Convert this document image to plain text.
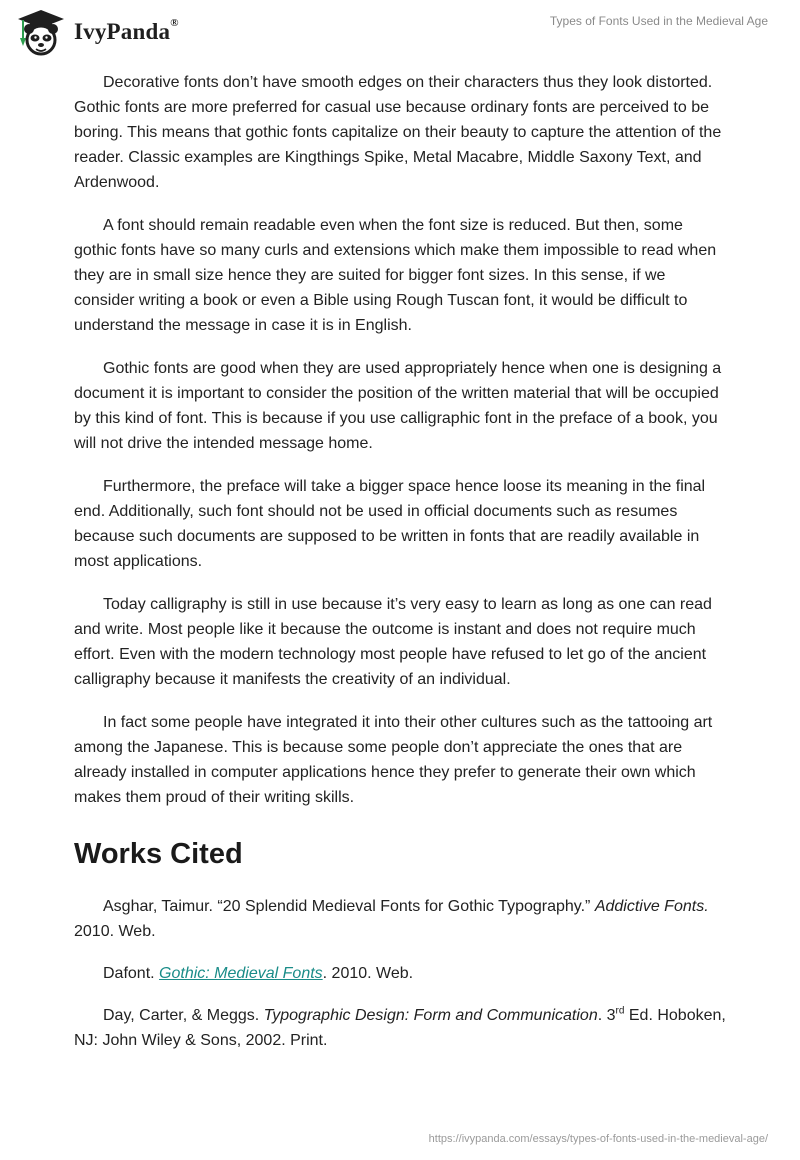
IvyPanda®	Types of Fonts Used in the Medieval Age

Decorative fonts don’t have smooth edges on their characters thus they look distorted. Gothic fonts are more preferred for casual use because ordinary fonts are perceived to be boring. This means that gothic fonts capitalize on their beauty to capture the attention of the reader. Classic examples are Kingthings Spike, Metal Macabre, Middle Saxony Text, and Ardenwood.

A font should remain readable even when the font size is reduced. But then, some gothic fonts have so many curls and extensions which make them impossible to read when they are in small size hence they are suited for bigger font sizes. In this sense, if we consider writing a book or even a Bible using Rough Tuscan font, it would be difficult to understand the message in case it is in English.

Gothic fonts are good when they are used appropriately hence when one is designing a document it is important to consider the position of the written material that will be occupied by this kind of font. This is because if you use calligraphic font in the preface of a book, you will not drive the intended message home.

Furthermore, the preface will take a bigger space hence loose its meaning in the final end. Additionally, such font should not be used in official documents such as resumes because such documents are supposed to be written in fonts that are readily available in most applications.

Today calligraphy is still in use because it’s very easy to learn as long as one can read and write. Most people like it because the outcome is instant and does not require much effort. Even with the modern technology most people have refused to let go of the ancient calligraphy because it manifests the creativity of an individual.

In fact some people have integrated it into their other cultures such as the tattooing art among the Japanese. This is because some people don’t appreciate the ones that are already installed in computer applications hence they prefer to generate their own which makes them proud of their writing skills.

Works Cited

Asghar, Taimur. “20 Splendid Medieval Fonts for Gothic Typography.” Addictive Fonts. 2010. Web.

Dafont. Gothic: Medieval Fonts. 2010. Web.

Day, Carter, & Meggs. Typographic Design: Form and Communication. 3rd Ed. Hoboken, NJ: John Wiley & Sons, 2002. Print.

https://ivypanda.com/essays/types-of-fonts-used-in-the-medieval-age/
